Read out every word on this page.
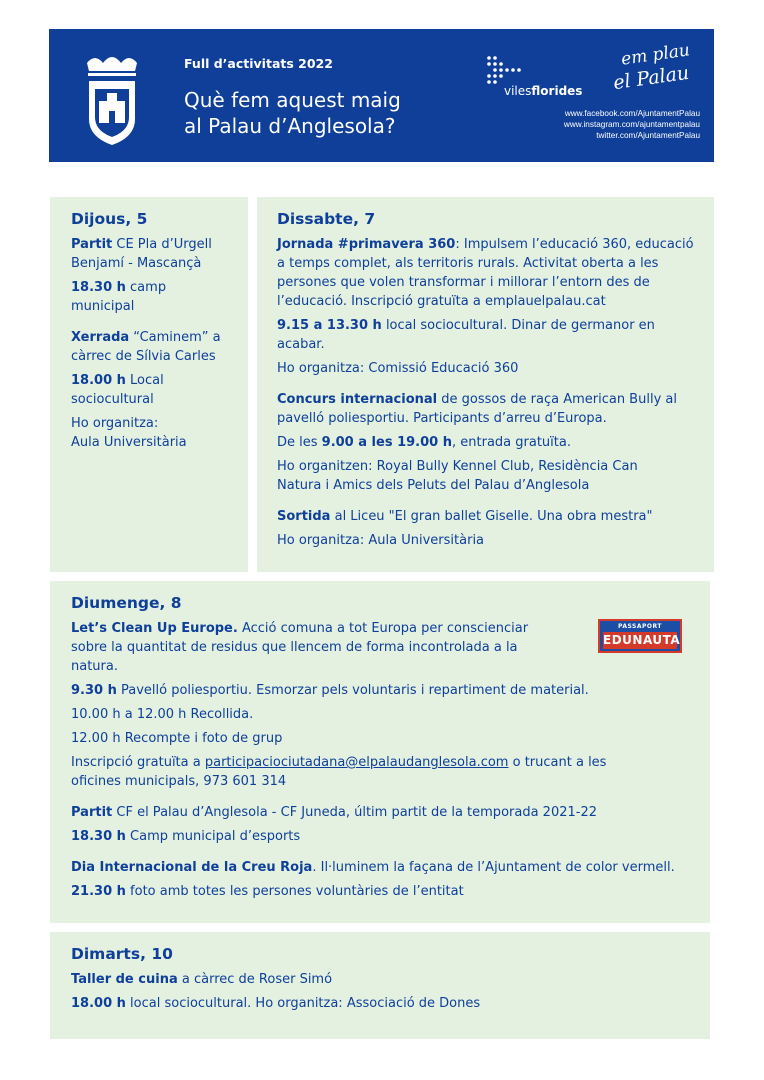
Full d’activitats 2022
Què fem aquest maig
al Palau d’Anglesola?
vilesflorides
em plau
el Palau
www.facebook.com/AjuntamentPalau
www.instagram.com/ajuntamentpalau
twitter.com/AjuntamentPalau
Dijous, 5

Partit CE Pla d’Urgell

Benjamí - Mascançà

18.30 h camp

municipal

Xerrada “Caminem” a

càrrec de Sílvia Carles

18.00 h Local

sociocultural

Ho organitza:

Aula Universitària

Dissabte, 7

Jornada #primavera 360: Impulsem l’educació 360, educació

a temps complet, als territoris rurals. Activitat oberta a les

persones que volen transformar i millorar l’entorn des de

l’educació. Inscripció gratuïta a emplauelpalau.cat

9.15 a 13.30 h local sociocultural. Dinar de germanor en

acabar.

Ho organitza: Comissió Educació 360

Concurs internacional de gossos de raça American Bully al

pavelló poliesportiu. Participants d’arreu d’Europa.

De les 9.00 a les 19.00 h, entrada gratuïta.

Ho organitzen: Royal Bully Kennel Club, Residència Can

Natura i Amics dels Peluts del Palau d’Anglesola

Sortida al Liceu "El gran ballet Giselle. Una obra mestra"

Ho organitza: Aula Universitària

PASSAPORT
EDUNAUTA
Diumenge, 8

Let’s Clean Up Europe. Acció comuna a tot Europa per conscienciar

sobre la quantitat de residus que llencem de forma incontrolada a la

natura.

9.30 h Pavelló poliesportiu. Esmorzar pels voluntaris i repartiment de material.

10.00 h a 12.00 h Recollida.

12.00 h Recompte i foto de grup

Inscripció gratuïta a participaciociutadana@elpalaudanglesola.com o trucant a les

oficines municipals, 973 601 314

Partit CF el Palau d’Anglesola - CF Juneda, últim partit de la temporada 2021-22

18.30 h Camp municipal d’esports

Dia Internacional de la Creu Roja. Il·luminem la façana de l’Ajuntament de color vermell.

21.30 h foto amb totes les persones voluntàries de l’entitat

Dimarts, 10

Taller de cuina a càrrec de Roser Simó

18.00 h local sociocultural. Ho organitza: Associació de Dones
